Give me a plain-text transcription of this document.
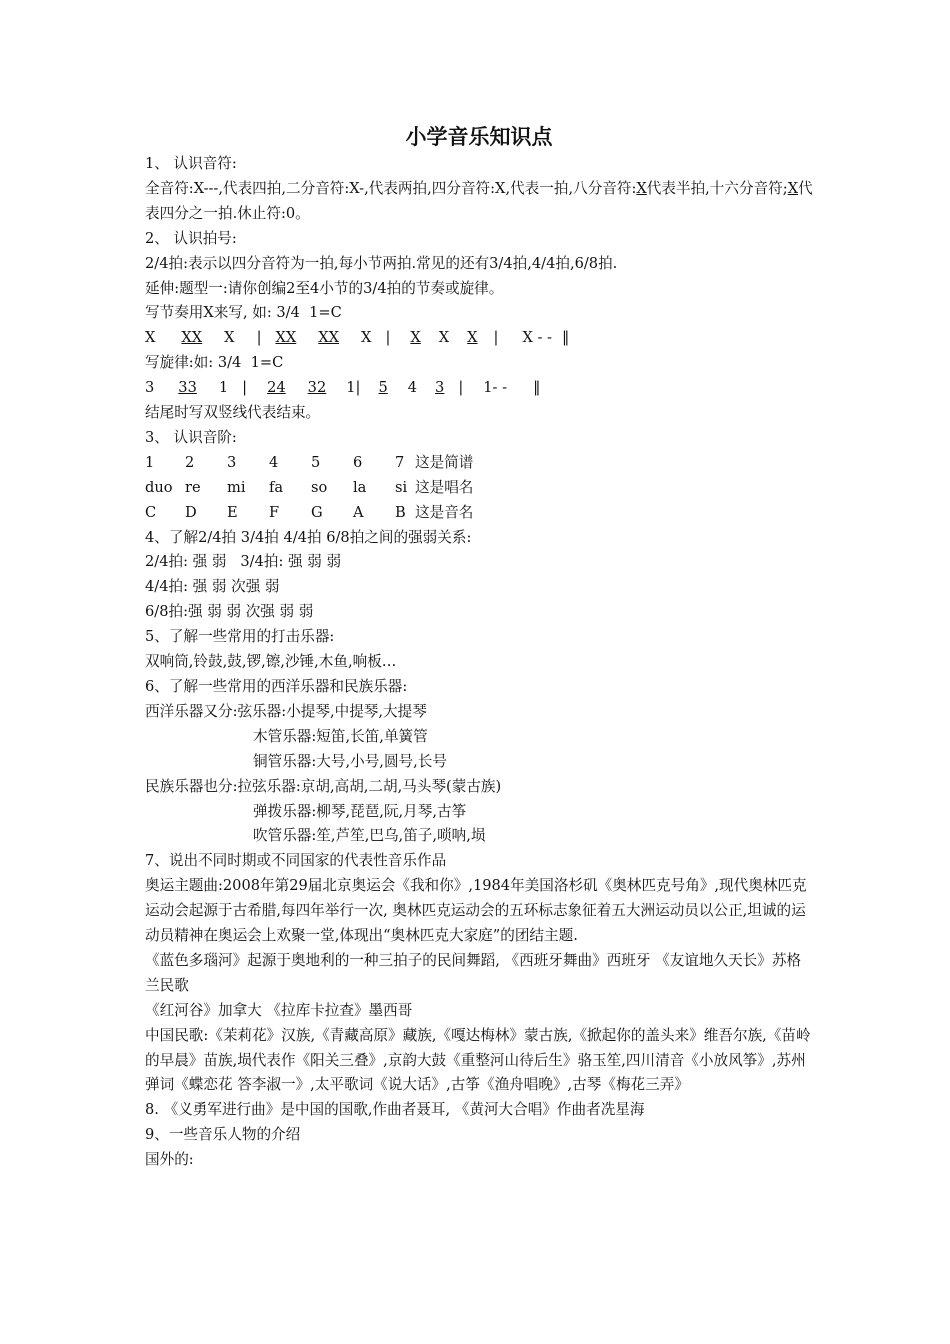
小学音乐知识点
1、 认识音符:
全音符:X---,代表四拍,二分音符:X-,代表两拍,四分音符:X,代表一拍,八分音符:X代表半拍,十六分音符;X代表四分之一拍.休止符:0。
2、 认识拍号:
2/4拍:表示以四分音符为一拍,每小节两拍.常见的还有3/4拍,4/4拍,6/8拍.
延伸:题型一:请你创编2至4小节的3/4拍的节奏或旋律。
写节奏用X来写, 如: 3/4  1=C
X XX X | XX XX X | X X X | X - - ‖
写旋律:如: 3/4  1=C
3 33 1 | 24 32 1| 5 4 3 | 1- - ‖
结尾时写双竖线代表结束。
3、 认识音阶:
1 2 3 4 5 6 7 这是简谱
duo re mi fa so la si 这是唱名
C D E F G A B 这是音名
4、了解2/4拍 3/4拍 4/4拍 6/8拍之间的强弱关系:
2/4拍: 强 弱   3/4拍: 强 弱 弱
4/4拍: 强 弱 次强 弱
6/8拍:强 弱 弱 次强 弱 弱
5、了解一些常用的打击乐器:
双响筒,铃鼓,鼓,锣,镲,沙锤,木鱼,响板…
6、了解一些常用的西洋乐器和民族乐器:
西洋乐器又分:弦乐器:小提琴,中提琴,大提琴
木管乐器:短笛,长笛,单簧管
铜管乐器:大号,小号,圆号,长号
民族乐器也分:拉弦乐器:京胡,高胡,二胡,马头琴(蒙古族)
弹拨乐器:柳琴,琵琶,阮,月琴,古筝
吹管乐器:笙,芦笙,巴乌,笛子,唢呐,埙
7、说出不同时期或不同国家的代表性音乐作品
奥运主题曲:2008年第29届北京奥运会《我和你》,1984年美国洛杉矶《奥林匹克号角》,现代奥林匹克运动会起源于古希腊,每四年举行一次, 奥林匹克运动会的五环标志象征着五大洲运动员以公正,坦诚的运动员精神在奥运会上欢聚一堂,体现出“奥林匹克大家庭”的团结主题.
《蓝色多瑙河》起源于奥地利的一种三拍子的民间舞蹈, 《西班牙舞曲》西班牙 《友谊地久天长》苏格兰民歌
《红河谷》加拿大 《拉库卡拉查》墨西哥
中国民歌:《茉莉花》汉族,《青藏高原》藏族,《嘎达梅林》蒙古族,《掀起你的盖头来》维吾尔族,《苗岭的早晨》苗族,埙代表作《阳关三叠》,京韵大鼓《重整河山待后生》骆玉笙,四川清音《小放风筝》,苏州弹词《蝶恋花 答李淑一》,太平歌词《说大话》,古筝《渔舟唱晚》,古琴《梅花三弄》
8. 《义勇军进行曲》是中国的国歌,作曲者聂耳, 《黄河大合唱》作曲者冼星海
9、一些音乐人物的介绍
国外的:
